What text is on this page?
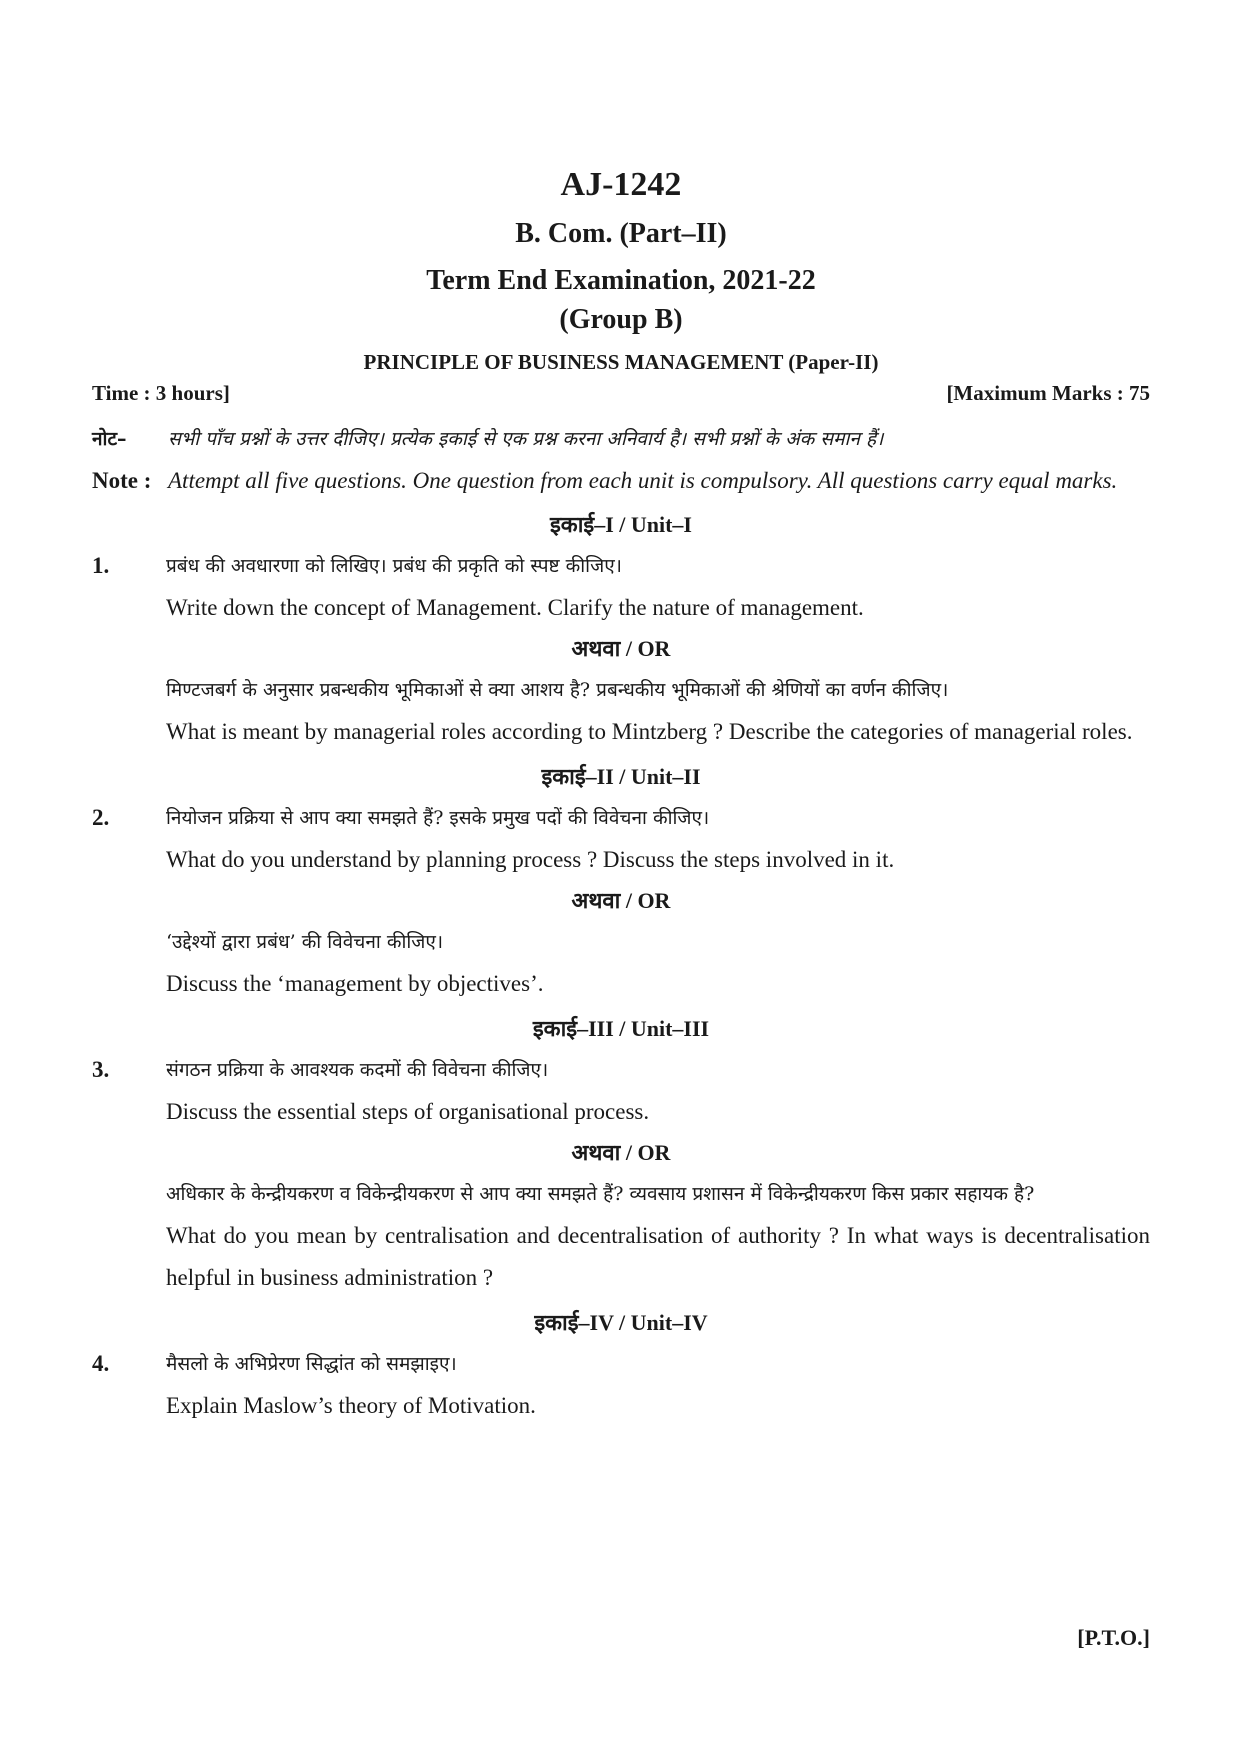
AJ-1242
B. Com. (Part–II)
Term End Examination, 2021-22
(Group B)
PRINCIPLE OF BUSINESS MANAGEMENT (Paper-II)
Time : 3 hours]	[Maximum Marks : 75
नोट–	सभी पाँच प्रश्नों के उत्तर दीजिए। प्रत्येक इकाई से एक प्रश्न करना अनिवार्य है। सभी प्रश्नों के अंक समान हैं।
Note : Attempt all five questions. One question from each unit is compulsory. All questions carry equal marks.
इकाई–I / Unit–I
1.	प्रबंध की अवधारणा को लिखिए। प्रबंध की प्रकृति को स्पष्ट कीजिए।
Write down the concept of Management. Clarify the nature of management.
अथवा / OR
मिण्टजबर्ग के अनुसार प्रबन्धकीय भूमिकाओं से क्या आशय है? प्रबन्धकीय भूमिकाओं की श्रेणियों का वर्णन कीजिए।
What is meant by managerial roles according to Mintzberg ? Describe the categories of managerial roles.
इकाई–II / Unit–II
2.	नियोजन प्रक्रिया से आप क्या समझते हैं? इसके प्रमुख पदों की विवेचना कीजिए।
What do you understand by planning process ? Discuss the steps involved in it.
अथवा / OR
‘उद्देश्यों द्वारा प्रबंध’ की विवेचना कीजिए।
Discuss the ‘management by objectives’.
इकाई–III / Unit–III
3.	संगठन प्रक्रिया के आवश्यक कदमों की विवेचना कीजिए।
Discuss the essential steps of organisational process.
अथवा / OR
अधिकार के केन्द्रीयकरण व विकेन्द्रीयकरण से आप क्या समझते हैं? व्यवसाय प्रशासन में विकेन्द्रीयकरण किस प्रकार सहायक है?
What do you mean by centralisation and decentralisation of authority ? In what ways is decentralisation helpful in business administration ?
इकाई–IV / Unit–IV
4.	मैसलो के अभिप्रेरण सिद्धांत को समझाइए।
Explain Maslow’s theory of Motivation.
[P.T.O.]
